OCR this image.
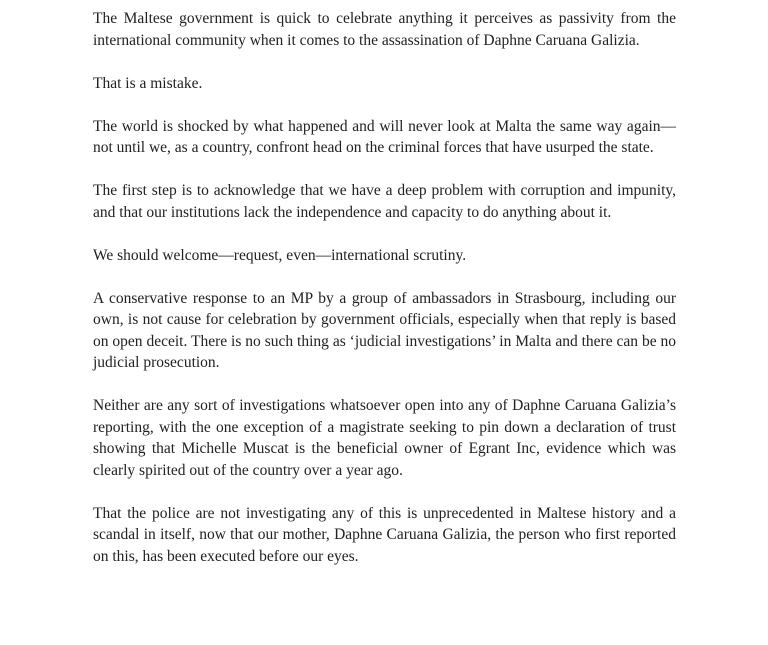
The Maltese government is quick to celebrate anything it perceives as passivity from the international community when it comes to the assassination of Daphne Caruana Galizia.

That is a mistake.

The world is shocked by what happened and will never look at Malta the same way again—not until we, as a country, confront head on the criminal forces that have usurped the state.

The first step is to acknowledge that we have a deep problem with corruption and impunity, and that our institutions lack the independence and capacity to do anything about it.

We should welcome—request, even—international scrutiny.

A conservative response to an MP by a group of ambassadors in Strasbourg, including our own, is not cause for celebration by government officials, especially when that reply is based on open deceit. There is no such thing as ‘judicial investigations’ in Malta and there can be no judicial prosecution.

Neither are any sort of investigations whatsoever open into any of Daphne Caruana Galizia’s reporting, with the one exception of a magistrate seeking to pin down a declaration of trust showing that Michelle Muscat is the beneficial owner of Egrant Inc, evidence which was clearly spirited out of the country over a year ago.

That the police are not investigating any of this is unprecedented in Maltese history and a scandal in itself, now that our mother, Daphne Caruana Galizia, the person who first reported on this, has been executed before our eyes.
